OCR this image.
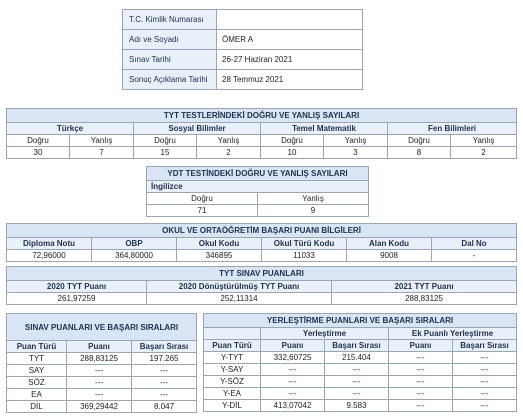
T.C. Kimlik Numarası	
Adı ve Soyadı	ÖMER A
Sınav Tarihi	26-27 Haziran 2021
Sonuç Açıklama Tarihi	28 Temmuz 2021
TYT TESTLERİNDEKİ DOĞRU VE YANLIŞ SAYILARI							
Türkçe		Sosyal Bilimler		Temel Matematik		Fen Bilimleri	
Doğru	Yanlış	Doğru	Yanlış	Doğru	Yanlış	Doğru	Yanlış
30	7	15	2	10	3	8	2
YDT TESTİNDEKİ DOĞRU VE YANLIŞ SAYILARI	
İngilizce	
Doğru	Yanlış
71	9
OKUL VE ORTAÖĞRETİM BAŞARI PUANI BİLGİLERİ					
Diploma Notu	OBP	Okul Kodu	Okul Türü Kodu	Alan Kodu	Dal No
72,96000	364,80000	346895	11033	9008	-
TYT SINAV PUANLARI		
2020 TYT Puanı	2020 Dönüştürülmüş TYT Puanı	2021 TYT Puanı
261,97259	252,11314	288,83125
SINAV PUANLARI VE BAŞARI SIRALARI		
Puan Türü	Puanı	Başarı Sırası
TYT	288,83125	197.265
SAY	---	---
SÖZ	---	---
EA	---	---
DİL	369,29442	8.047
YERLEŞTİRME PUANLARI VE BAŞARI SIRALARI				
	Yerleştirme		Ek Puanlı Yerleştirme	
Puan Türü	Puanı	Başarı Sırası	Puanı	Başarı Sırası
Y-TYT	332,60725	215.404	---	---
Y-SAY	---	---	---	---
Y-SÖZ	---	---	---	---
Y-EA	---	---	---	---
Y-DİL	413,07042	9.583	---	---
